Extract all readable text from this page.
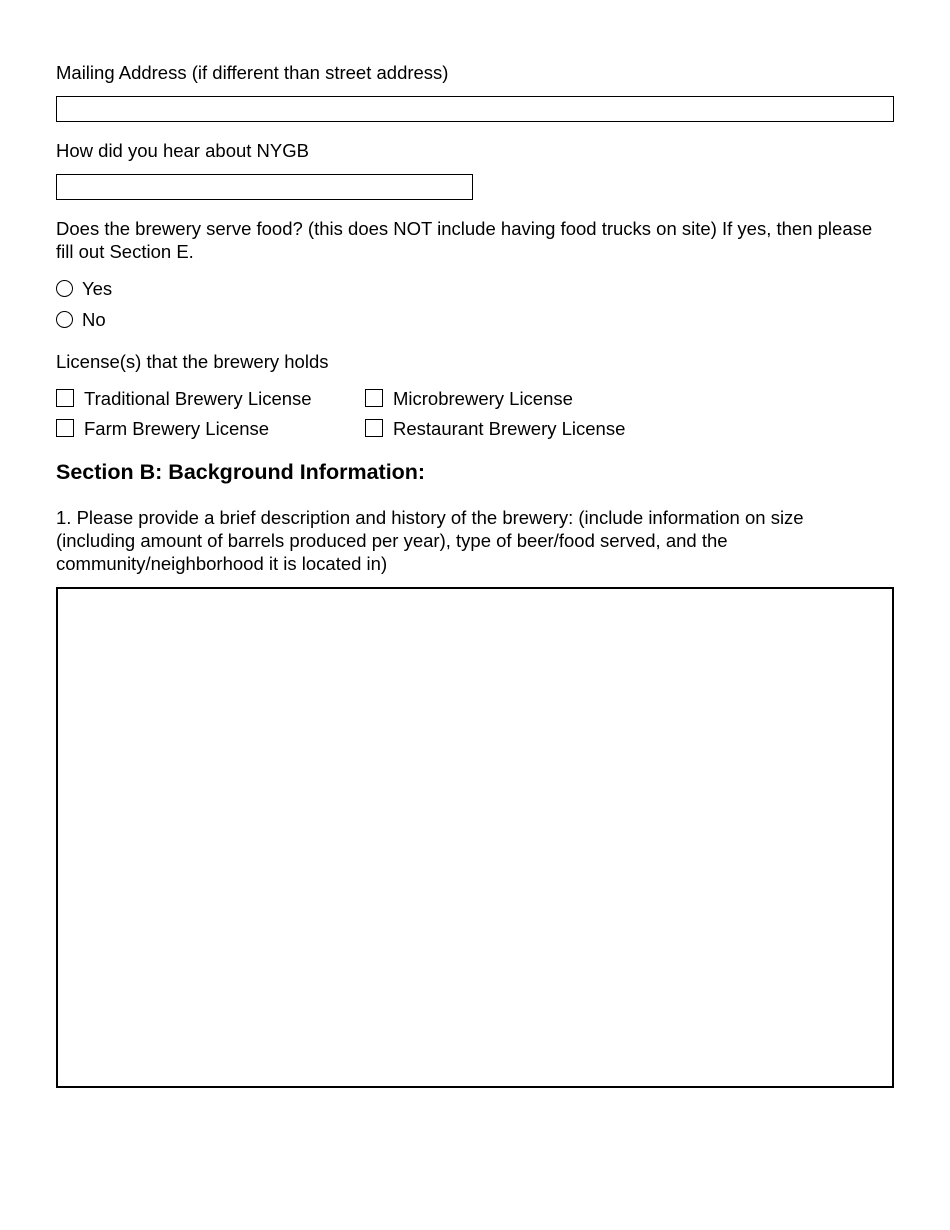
Mailing Address (if different than street address)
How did you hear about NYGB
Does the brewery serve food? (this does NOT include having food trucks on site) If yes, then please fill out Section E.
Yes
No
License(s) that the brewery holds
Traditional Brewery License	Microbrewery License
Farm Brewery License	Restaurant Brewery License
Section B: Background Information:
1. Please provide a brief description and history of the brewery: (include information on size (including amount of barrels produced per year), type of beer/food served, and the community/neighborhood it is located in)
